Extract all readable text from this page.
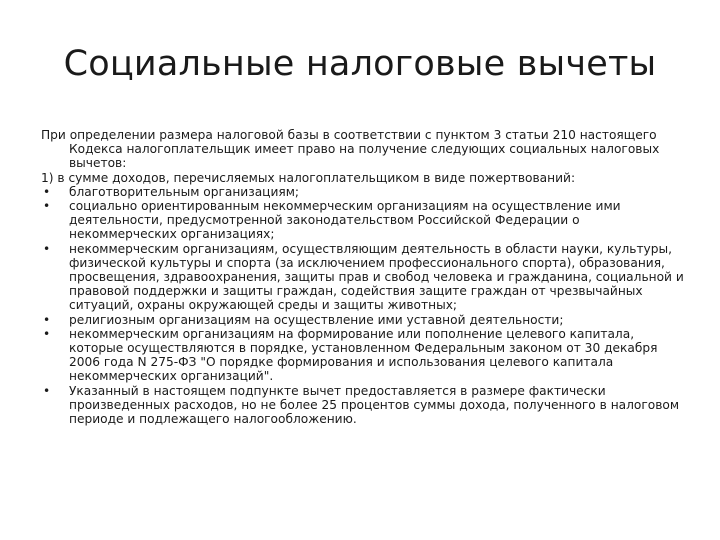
Социальные налоговые вычеты
При определении размера налоговой базы в соответствии с пунктом 3 статьи 210 настоящего Кодекса налогоплательщик имеет право на получение следующих социальных налоговых вычетов:
1) в сумме доходов, перечисляемых налогоплательщиком в виде пожертвований:
• благотворительным организациям;
• социально ориентированным некоммерческим организациям на осуществление ими деятельности, предусмотренной законодательством Российской Федерации о некоммерческих организациях;
• некоммерческим организациям, осуществляющим деятельность в области науки, культуры, физической культуры и спорта (за исключением профессионального спорта), образования, просвещения, здравоохранения, защиты прав и свобод человека и гражданина, социальной и правовой поддержки и защиты граждан, содействия защите граждан от чрезвычайных ситуаций, охраны окружающей среды и защиты животных;
• религиозным организациям на осуществление ими уставной деятельности;
• некоммерческим организациям на формирование или пополнение целевого капитала, которые осуществляются в порядке, установленном Федеральным законом от 30 декабря 2006 года N 275-ФЗ "О порядке формирования и использования целевого капитала некоммерческих организаций".
• Указанный в настоящем подпункте вычет предоставляется в размере фактически произведенных расходов, но не более 25 процентов суммы дохода, полученного в налоговом периоде и подлежащего налогообложению.
